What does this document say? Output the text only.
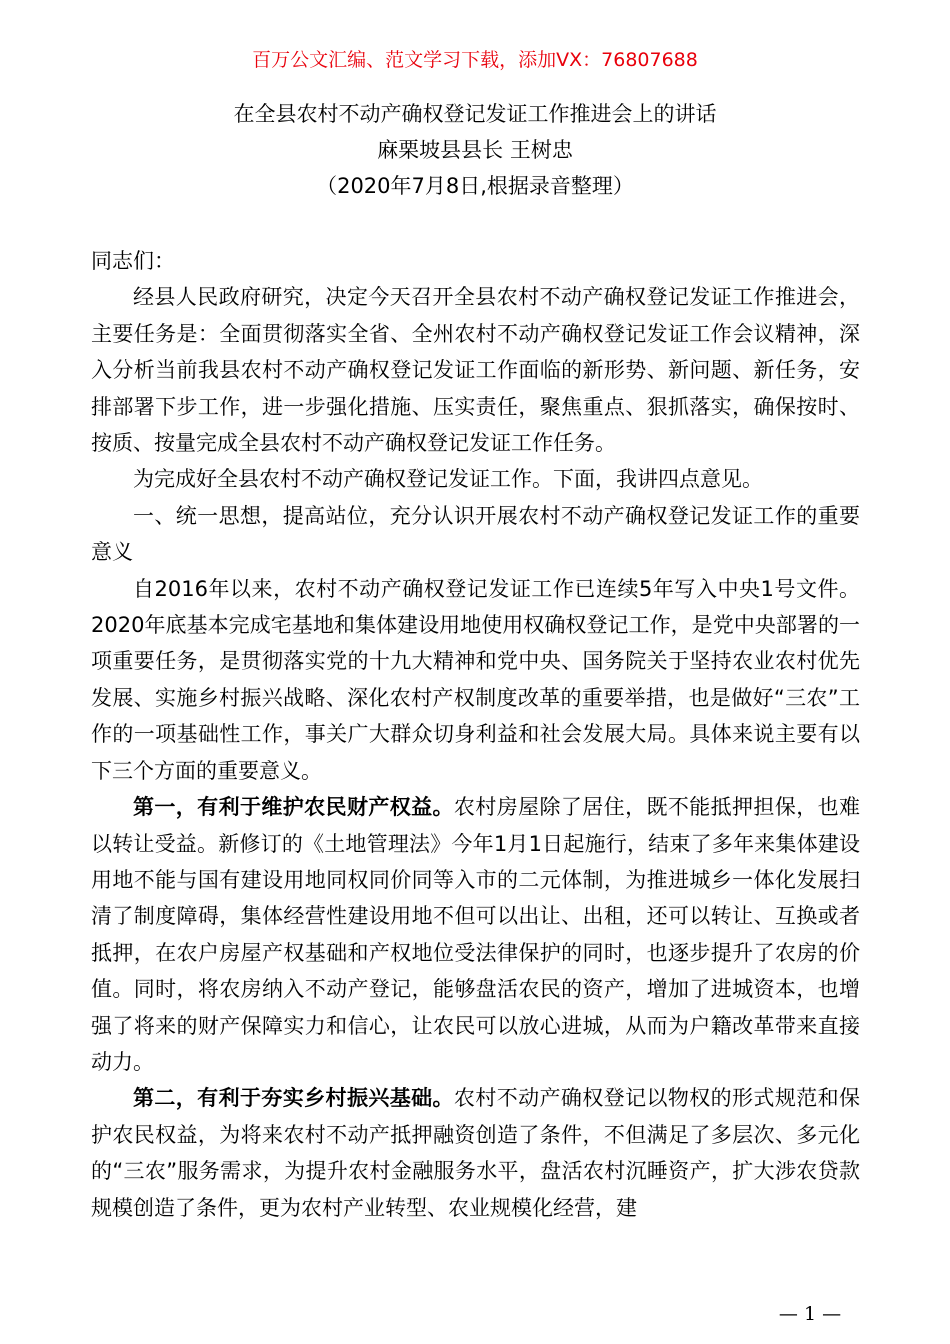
百万公文汇编、范文学习下载，添加VX：76807688
在全县农村不动产确权登记发证工作推进会上的讲话
麻栗坡县县长 王树忠
（2020年7月8日,根据录音整理）

同志们：

经县人民政府研究，决定今天召开全县农村不动产确权登记发证工作推进会，主要任务是：全面贯彻落实全省、全州农村不动产确权登记发证工作会议精神，深入分析当前我县农村不动产确权登记发证工作面临的新形势、新问题、新任务，安排部署下步工作，进一步强化措施、压实责任，聚焦重点、狠抓落实，确保按时、按质、按量完成全县农村不动产确权登记发证工作任务。

为完成好全县农村不动产确权登记发证工作。下面，我讲四点意见。

一、统一思想，提高站位，充分认识开展农村不动产确权登记发证工作的重要意义

自2016年以来，农村不动产确权登记发证工作已连续5年写入中央1号文件。2020年底基本完成宅基地和集体建设用地使用权确权登记工作，是党中央部署的一项重要任务，是贯彻落实党的十九大精神和党中央、国务院关于坚持农业农村优先发展、实施乡村振兴战略、深化农村产权制度改革的重要举措，也是做好“三农”工作的一项基础性工作，事关广大群众切身利益和社会发展大局。具体来说主要有以下三个方面的重要意义。

第一，有利于维护农民财产权益。农村房屋除了居住，既不能抵押担保，也难以转让受益。新修订的《土地管理法》今年1月1日起施行，结束了多年来集体建设用地不能与国有建设用地同权同价同等入市的二元体制，为推进城乡一体化发展扫清了制度障碍，集体经营性建设用地不但可以出让、出租，还可以转让、互换或者抵押，在农户房屋产权基础和产权地位受法律保护的同时，也逐步提升了农房的价值。同时，将农房纳入不动产登记，能够盘活农民的资产，增加了进城资本，也增强了将来的财产保障实力和信心，让农民可以放心进城，从而为户籍改革带来直接动力。

第二，有利于夯实乡村振兴基础。农村不动产确权登记以物权的形式规范和保护农民权益，为将来农村不动产抵押融资创造了条件，不但满足了多层次、多元化的“三农”服务需求，为提升农村金融服务水平，盘活农村沉睡资产，扩大涉农贷款规模创造了条件，更为农村产业转型、农业规模化经营，建

— 1 —
